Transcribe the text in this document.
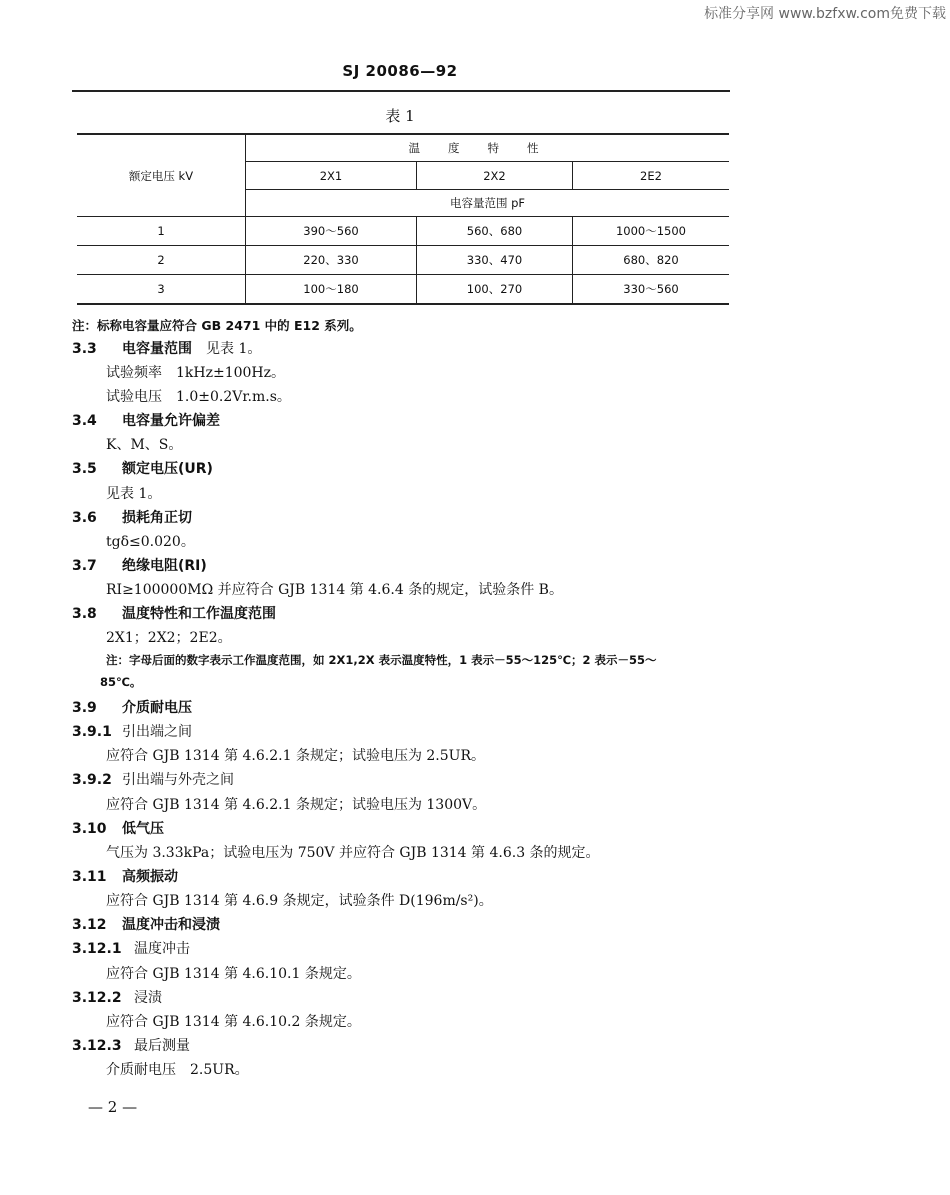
标准分享网 www.bzfxw.com免费下载
SJ 20086—92
表 1
额定电压 kV	温度特性		
	2X1	2X2	2E2
	电容量范围 pF		
1	390～560	560、680	1000～1500
2	220、330	330、470	680、820
3	100～180	100、270	330～560
注：标称电容量应符合 GB 2471 中的 E12 系列。
3.3 电容量范围　 见表 1。
试验频率　1kHz±100Hz。
试验电压　1.0±0.2Vr.m.s。
3.4 电容量允许偏差
K、M、S。
3.5 额定电压(UR)
见表 1。
3.6 损耗角正切
tgδ≤0.020。
3.7 绝缘电阻(RI)
RI≥100000MΩ 并应符合 GJB 1314 第 4.6.4 条的规定，试验条件 B。
3.8 温度特性和工作温度范围
2X1；2X2；2E2。
注：字母后面的数字表示工作温度范围，如 2X1,2X 表示温度特性，1 表示－55～125℃；2 表示－55～
85℃。
3.9 介质耐电压
3.9.1 引出端之间
应符合 GJB 1314 第 4.6.2.1 条规定；试验电压为 2.5UR。
3.9.2 引出端与外壳之间
应符合 GJB 1314 第 4.6.2.1 条规定；试验电压为 1300V。
3.10 低气压
气压为 3.33kPa；试验电压为 750V 并应符合 GJB 1314 第 4.6.3 条的规定。
3.11 高频振动
应符合 GJB 1314 第 4.6.9 条规定，试验条件 D(196m/s²)。
3.12 温度冲击和浸渍
3.12.1 温度冲击
应符合 GJB 1314 第 4.6.10.1 条规定。
3.12.2 浸渍
应符合 GJB 1314 第 4.6.10.2 条规定。
3.12.3 最后测量
介质耐电压　2.5UR。
— 2 —
